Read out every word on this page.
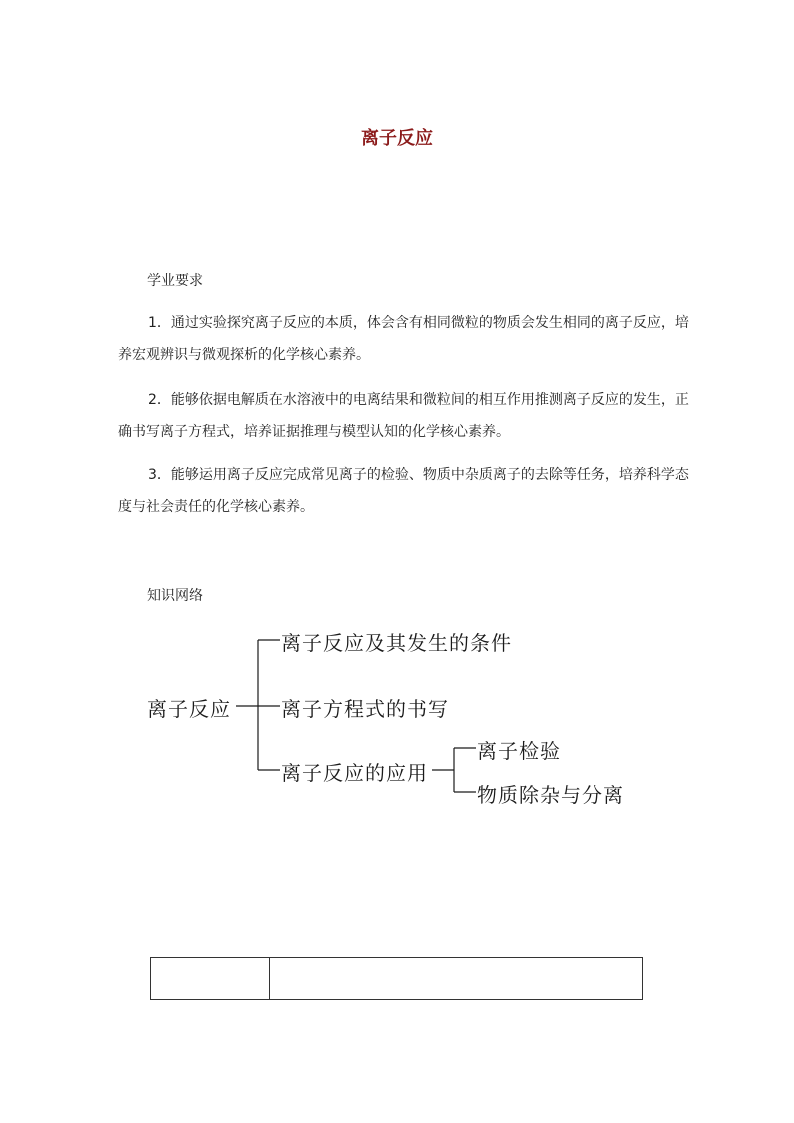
离子反应
学业要求
1．通过实验探究离子反应的本质，体会含有相同微粒的物质会发生相同的离子反应，培养宏观辨识与微观探析的化学核心素养。
2．能够依据电解质在水溶液中的电离结果和微粒间的相互作用推测离子反应的发生，正确书写离子方程式，培养证据推理与模型认知的化学核心素养。
3．能够运用离子反应完成常见离子的检验、物质中杂质离子的去除等任务，培养科学态度与社会责任的化学核心素养。
知识网络
离子反应
离子反应及其发生的条件
离子方程式的书写
离子反应的应用
离子检验
物质除杂与分离
